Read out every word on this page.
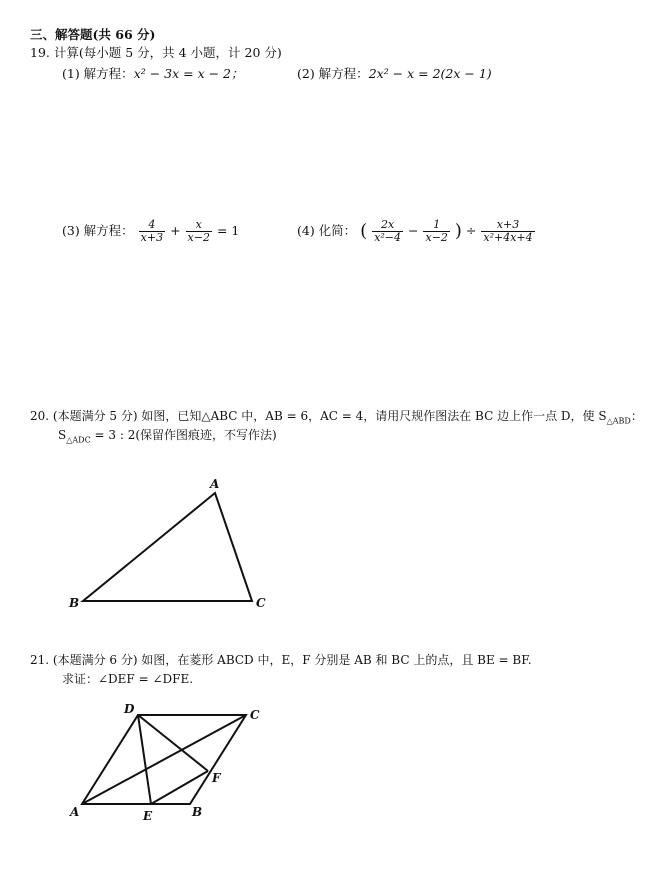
三、解答题(共 66 分)
19. 计算(每小题 5 分，共 4 小题，计 20 分)
(1) 解方程：x² − 3x = x − 2；	(2) 解方程：2x² − x = 2(2x − 1)
(3) 解方程： $\frac{4}{x+3} + \frac{x}{x-2} = 1$	(4) 化简： ( $\frac{2x}{\text{x²−4}} - \frac{1}{x-2}$ ) ÷ $\frac{x+3}{\text{x²+4x+4}}$
20. (本题满分 5 分) 如图，已知△ABC 中，AB = 6，AC = 4，请用尺规作图法在 BC 边上作一点 D，使 $S_{\triangle ABD}$：
$S_{\triangle ADC} = 3$ : 2(保留作图痕迹，不写作法)
A
B	C
21. (本题满分 6 分) 如图，在菱形 ABCD 中，E，F 分别是 AB 和 BC 上的点，且 BE = BF.
求证：∠DEF = ∠DFE.
A	B
C
D
E
F
